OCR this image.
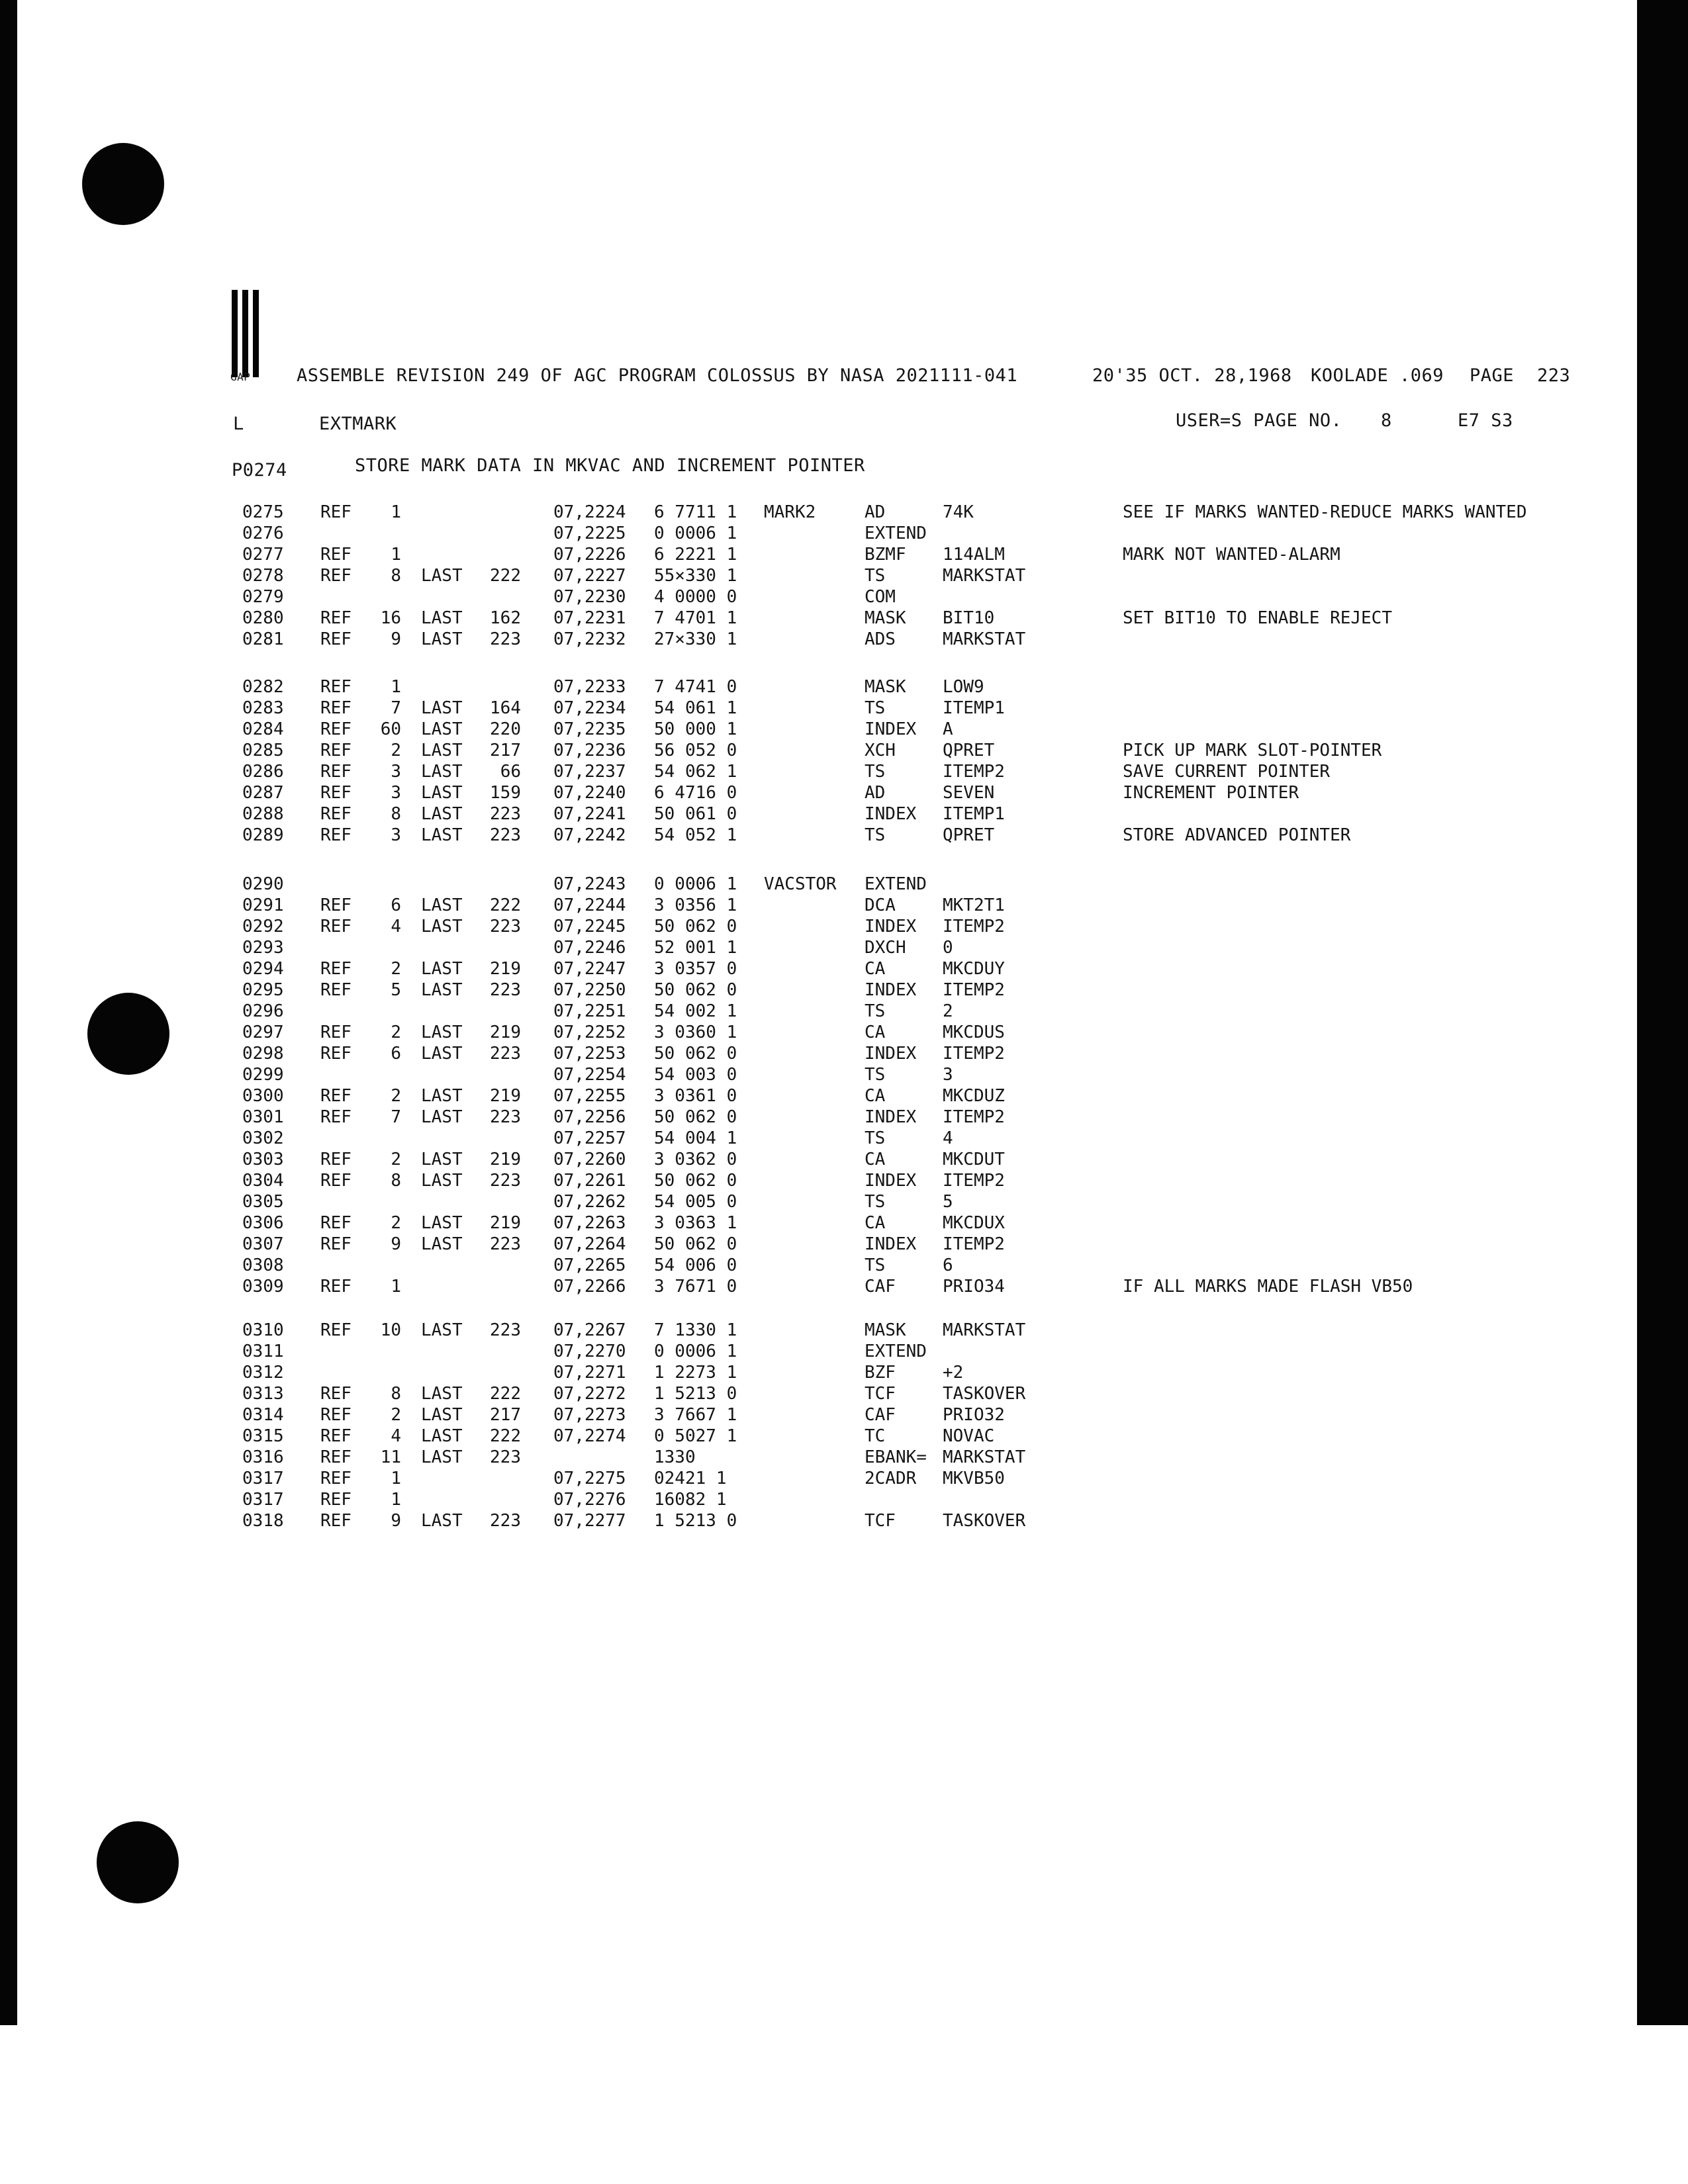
GAP	ASSEMBLE REVISION 249 OF AGC PROGRAM COLOSSUS BY NASA 2021111-041	20'35 OCT. 28,1968 KOOLADE .069 PAGE 223
L	EXTMARK	USER=S PAGE NO. 8	E7 S3
P0274	STORE MARK DATA IN MKVAC AND INCREMENT POINTER
0275 REF	1	07,2224 6 7711 1 MARK2	AD	74K	SEE IF MARKS WANTED-REDUCE MARKS WANTED
0276	07,2225 0 0006 1	EXTEND
0277 REF	1	07,2226 6 2221 1	BZMF 114ALM	MARK NOT WANTED-ALARM
0278 REF	8 LAST	222 07,2227 55×330 1	TS	MARKSTAT
0279	07,2230 4 0000 0	COM
0280 REF	16 LAST	162 07,2231 7 4701 1	MASK BIT10	SET BIT10 TO ENABLE REJECT
0281 REF	9 LAST	223 07,2232 27×330 1	ADS	MARKSTAT
0282 REF	1	07,2233 7 4741 0	MASK LOW9
0283 REF	7 LAST	164 07,2234 54 061 1	TS	ITEMP1
0284 REF	60 LAST	220 07,2235 50 000 1	INDEX A
0285 REF	2 LAST	217 07,2236 56 052 0	XCH	QPRET	PICK UP MARK SLOT-POINTER
0286 REF	3 LAST	66 07,2237 54 062 1	TS	ITEMP2	SAVE CURRENT POINTER
0287 REF	3 LAST	159 07,2240 6 4716 0	AD	SEVEN	INCREMENT POINTER
0288 REF	8 LAST	223 07,2241 50 061 0	INDEX ITEMP1
0289 REF	3 LAST	223 07,2242 54 052 1	TS	QPRET	STORE ADVANCED POINTER
0290	07,2243 0 0006 1 VACSTOR EXTEND
0291 REF	6 LAST	222 07,2244 3 0356 1	DCA	MKT2T1
0292 REF	4 LAST	223 07,2245 50 062 0	INDEX ITEMP2
0293	07,2246 52 001 1	DXCH 0
0294 REF	2 LAST	219 07,2247 3 0357 0	CA	MKCDUY
0295 REF	5 LAST	223 07,2250 50 062 0	INDEX ITEMP2
0296	07,2251 54 002 1	TS	2
0297 REF	2 LAST	219 07,2252 3 0360 1	CA	MKCDUS
0298 REF	6 LAST	223 07,2253 50 062 0	INDEX ITEMP2
0299	07,2254 54 003 0	TS	3
0300 REF	2 LAST	219 07,2255 3 0361 0	CA	MKCDUZ
0301 REF	7 LAST	223 07,2256 50 062 0	INDEX ITEMP2
0302	07,2257 54 004 1	TS	4
0303 REF	2 LAST	219 07,2260 3 0362 0	CA	MKCDUT
0304 REF	8 LAST	223 07,2261 50 062 0	INDEX ITEMP2
0305	07,2262 54 005 0	TS	5
0306 REF	2 LAST	219 07,2263 3 0363 1	CA	MKCDUX
0307 REF	9 LAST	223 07,2264 50 062 0	INDEX ITEMP2
0308	07,2265 54 006 0	TS	6
0309 REF	1	07,2266 3 7671 0	CAF	PRIO34	IF ALL MARKS MADE FLASH VB50
0310 REF	10 LAST	223 07,2267 7 1330 1	MASK MARKSTAT
0311	07,2270 0 0006 1	EXTEND
0312	07,2271 1 2273 1	BZF	+2
0313 REF	8 LAST	222 07,2272 1 5213 0	TCF	TASKOVER
0314 REF	2 LAST	217 07,2273 3 7667 1	CAF	PRIO32
0315 REF	4 LAST	222 07,2274 0 5027 1	TC	NOVAC
0316 REF	11 LAST	223	1330	EBANK= MARKSTAT
0317 REF	1	07,2275 02421 1	2CADR MKVB50
0317 REF	1	07,2276 16082 1
0318 REF	9 LAST	223 07,2277 1 5213 0	TCF	TASKOVER
